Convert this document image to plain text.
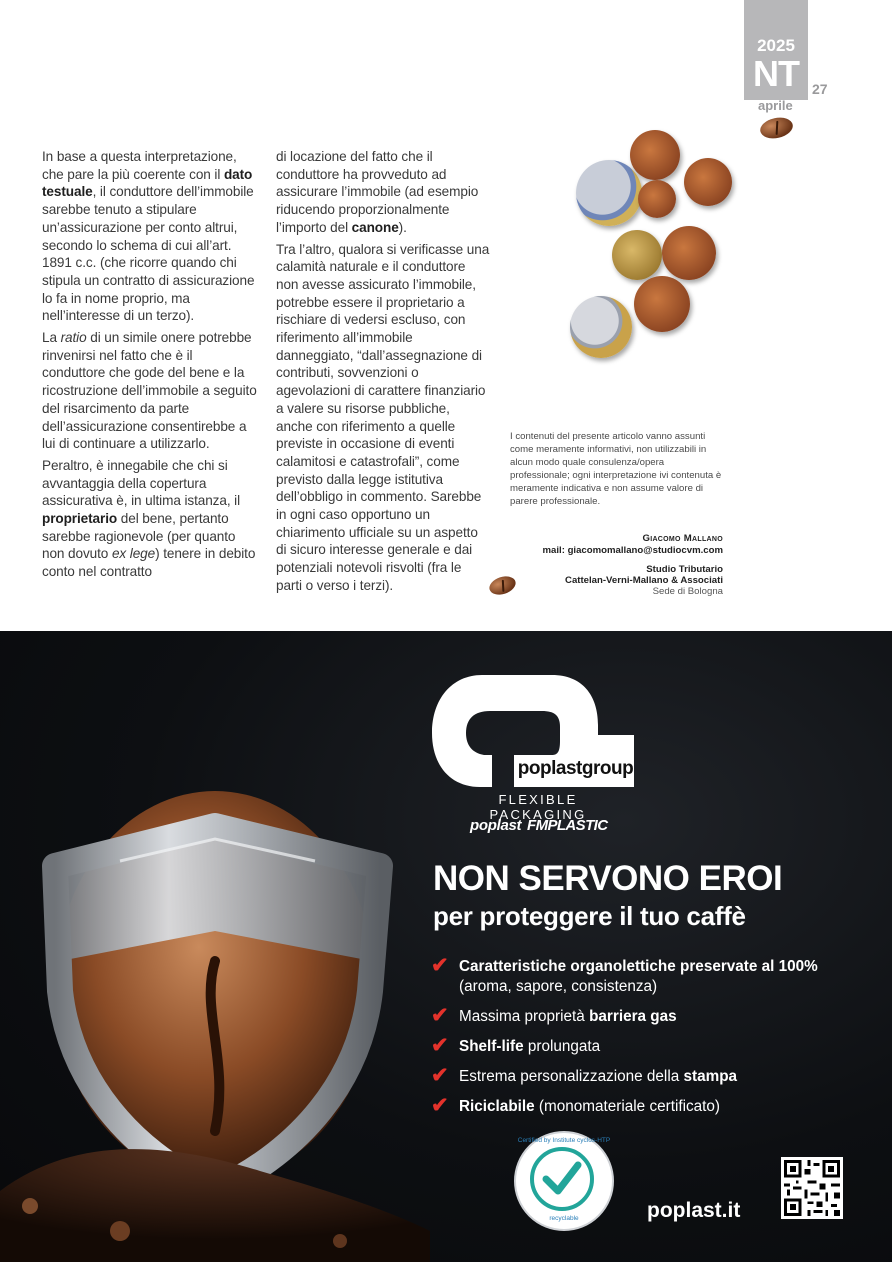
2025
NT
aprile
27

In base a questa interpretazione, che pare la più coerente con il dato testuale, il conduttore dell’immobile sarebbe tenuto a stipulare un’assicurazione per conto altrui, secondo lo schema di cui all’art. 1891 c.c. (che ricorre quando chi stipula un contratto di assicurazione lo fa in nome proprio, ma nell’interesse di un terzo).

La ratio di un simile onere potrebbe rinvenirsi nel fatto che è il conduttore che gode del bene e la ricostruzione dell’immobile a seguito del risarcimento da parte dell’assicurazione consentirebbe a lui di continuare a utilizzarlo.

Peraltro, è innegabile che chi si avvantaggia della copertura assicurativa è, in ultima istanza, il proprietario del bene, pertanto sarebbe ragionevole (per quanto non dovuto ex lege) tenere in debito conto nel contratto

di locazione del fatto che il conduttore ha provveduto ad assicurare l’immobile (ad esempio riducendo proporzionalmente l’importo del canone).

Tra l’altro, qualora si verificasse una calamità naturale e il conduttore non avesse assicurato l’immobile, potrebbe essere il proprietario a rischiare di vedersi escluso, con riferimento all’immobile danneggiato, “dall’assegnazione di contributi, sovvenzioni o agevolazioni di carattere finanziario a valere su risorse pubbliche, anche con riferimento a quelle previste in occasione di eventi calamitosi e catastrofali”, come previsto dalla legge istitutiva dell’obbligo in commento. Sarebbe in ogni caso opportuno un chiarimento ufficiale su un aspetto di sicuro interesse generale e dai potenziali notevoli risvolti (fra le parti o verso i terzi).

I contenuti del presente articolo vanno assunti come meramente informativi, non utilizzabili in alcun modo quale consulenza/opera professionale; ogni interpretazione ivi contenuta è meramente indicativa e non assume valore di parere professionale.
Giacomo Mallano
mail: giacomomallano@studiocvm.com
Studio Tributario
Cattelan-Verni-Mallano & Associati
Sede di Bologna
poplastgroup
FLEXIBLE PACKAGING
poplast FMPLASTIC
NON SERVONO EROI
per proteggere il tuo caffè
✔ Caratteristiche organolettiche preservate al 100% (aroma, sapore, consistenza)
✔ Massima proprietà barriera gas
✔ Shelf-life prolungata
✔ Estrema personalizzazione della stampa
✔ Riciclabile (monomateriale certificato)
Certified by Institute cyclos-HTP
recyclable	poplast.it
